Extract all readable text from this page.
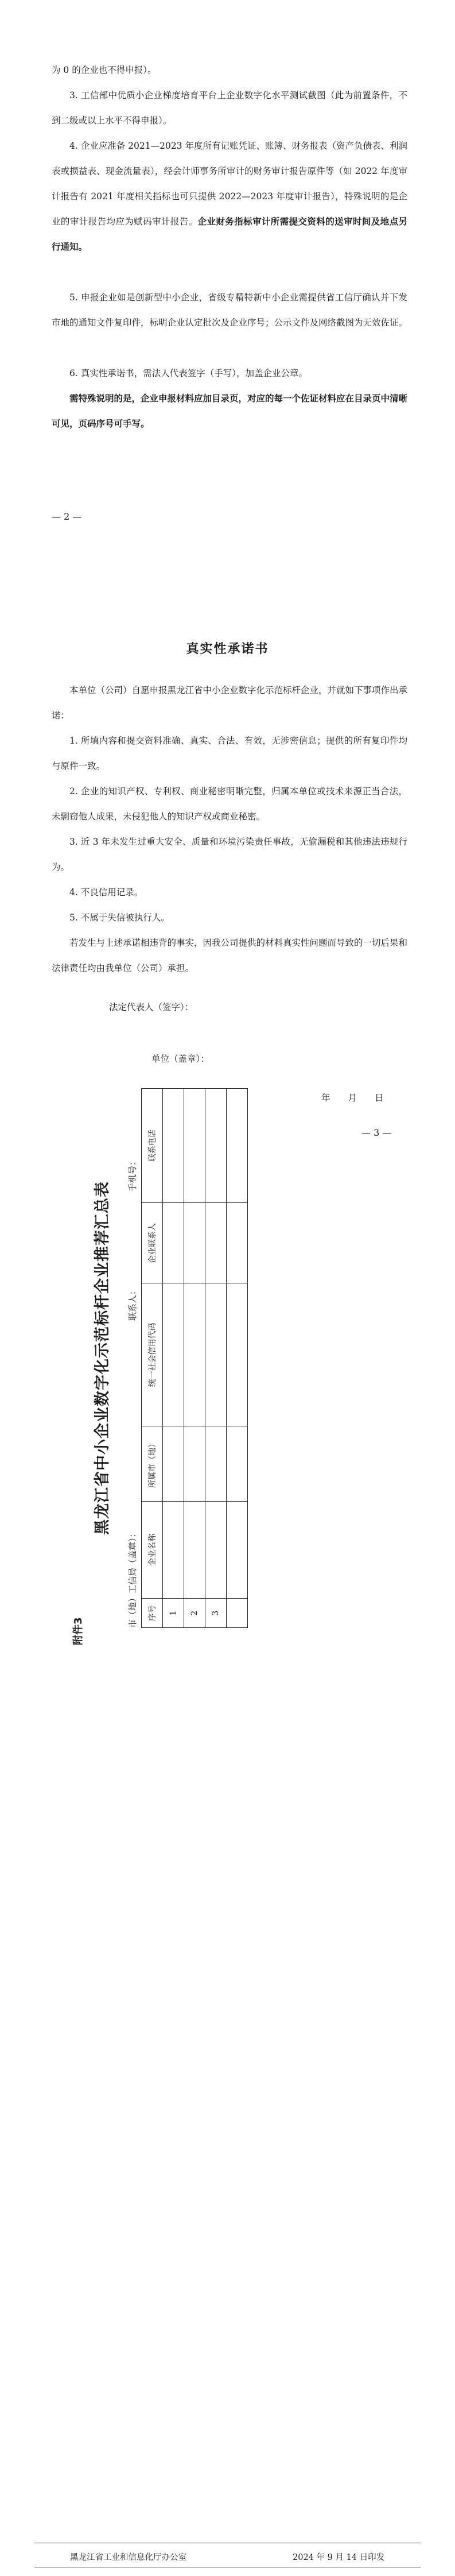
为 0 的企业也不得申报）。

3. 工信部中优质小企业梯度培育平台上企业数字化水平测试截图（此为前置条件，不到二级或以上水平不得申报）。

4. 企业应准备 2021—2023 年度所有记账凭证、账簿、财务报表（资产负债表、利润表或损益表、现金流量表），经会计师事务所审计的财务审计报告原件等（如 2022 年度审计报告有 2021 年度相关指标也可只提供 2022—2023 年度审计报告），特殊说明的是企业的审计报告均应为赋码审计报告。企业财务指标审计所需提交资料的送审时间及地点另行通知。

5. 申报企业如是创新型中小企业，省级专精特新中小企业需提供省工信厅确认并下发市地的通知文件复印件，标明企业认定批次及企业序号；公示文件及网络截图为无效佐证。

6. 真实性承诺书，需法人代表签字（手写），加盖企业公章。

需特殊说明的是，企业申报材料应加目录页，对应的每一个佐证材料应在目录页中清晰可见，页码序号可手写。

— 2 —
真实性承诺书

本单位（公司）自愿申报黑龙江省中小企业数字化示范标杆企业，并就如下事项作出承诺：

1. 所填内容和提交资料准确、真实、合法、有效，无涉密信息；提供的所有复印件均与原件一致。

2. 企业的知识产权、专利权、商业秘密明晰完整，归属本单位或技术来源正当合法，未剽窃他人成果，未侵犯他人的知识产权或商业秘密。

3. 近 3 年未发生过重大安全、质量和环境污染责任事故，无偷漏税和其他违法违规行为。

4. 不良信用记录。

5. 不属于失信被执行人。

若发生与上述承诺相违背的事实，因我公司提供的材料真实性问题而导致的一切后果和法律责任均由我单位（公司）承担。

法定代表人（签字）：
单位（盖章）：
年　　月　　日
— 3 —
附件3
黑龙江省中小企业数字化示范标杆企业推荐汇总表
市（地）工信局（盖章）：
联系人：
手机号：
序号	企业名称	所属市（地）	统一社会信用代码	企业联系人	联系电话
1					
2					
3					

黑龙江省工业和信息化厅办公室	2024 年 9 月 14 日印发
